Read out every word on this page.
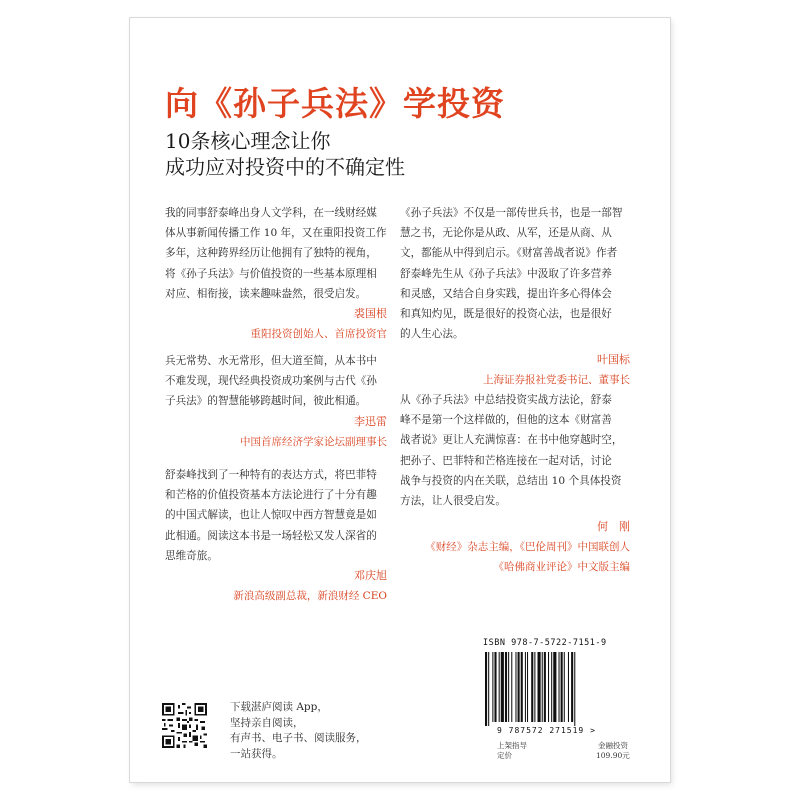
向《孙子兵法》学投资
10条核心理念让你
成功应对投资中的不确定性
我的同事舒泰峰出身人文学科，在一线财经媒
体从事新闻传播工作 10 年，又在重阳投资工作
多年，这种跨界经历让他拥有了独特的视角，
将《孙子兵法》与价值投资的一些基本原理相
对应、相衔接，读来趣味盎然，很受启发。
裘国根
重阳投资创始人、首席投资官
兵无常势、水无常形，但大道至简，从本书中
不难发现，现代经典投资成功案例与古代《孙
子兵法》的智慧能够跨越时间，彼此相通。
李迅雷
中国首席经济学家论坛副理事长
舒泰峰找到了一种特有的表达方式，将巴菲特
和芒格的价值投资基本方法论进行了十分有趣
的中国式解读，也让人惊叹中西方智慧竟是如
此相通。阅读这本书是一场轻松又发人深省的
思维奇旅。
邓庆旭
新浪高级副总裁，新浪财经 CEO
《孙子兵法》不仅是一部传世兵书，也是一部智
慧之书，无论你是从政、从军，还是从商、从
文，都能从中得到启示。《财富善战者说》作者
舒泰峰先生从《孙子兵法》中汲取了许多营养
和灵感，又结合自身实践，提出许多心得体会
和真知灼见，既是很好的投资心法，也是很好
的人生心法。
叶国标
上海证券报社党委书记、董事长
从《孙子兵法》中总结投资实战方法论，舒泰
峰不是第一个这样做的，但他的这本《财富善
战者说》更让人充满惊喜：在书中他穿越时空，
把孙子、巴菲特和芒格连接在一起对话，讨论
战争与投资的内在关联，总结出 10 个具体投资
方法，让人很受启发。
何　刚
《财经》杂志主编，《巴伦周刊》中国联创人
《哈佛商业评论》中文版主编
下载湛庐阅读 App，
坚持亲自阅读，
有声书、电子书、阅读服务，
一站获得。
ISBN 978-7-5722-7151-9
9 787572 271519 >
上架指导
定价
金融投资
109.90元
